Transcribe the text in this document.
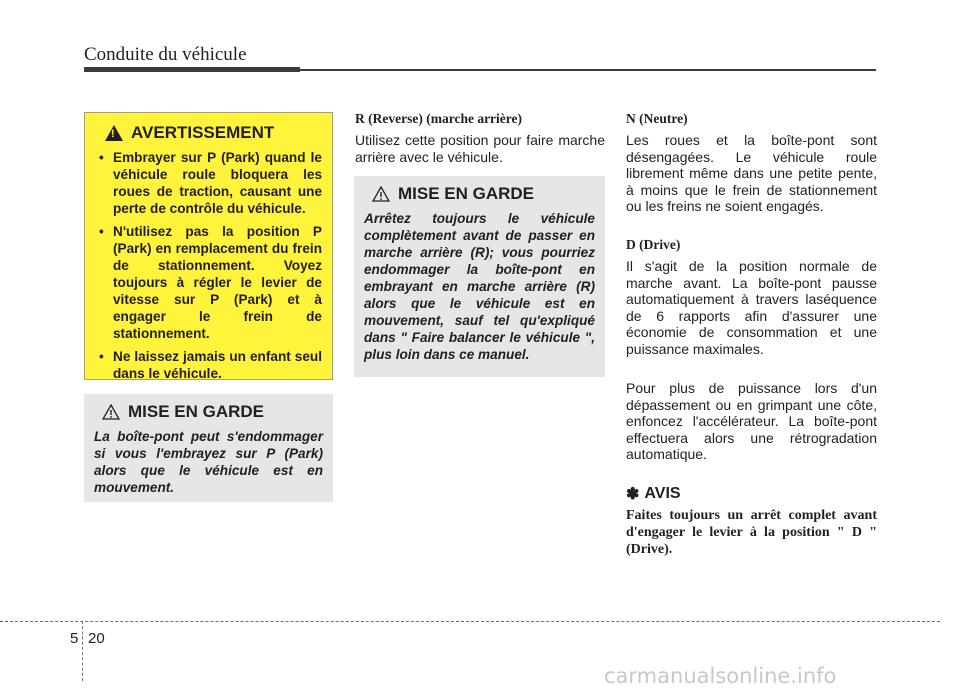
Conduite du véhicule
!
AVERTISSEMENT
• Embrayer sur P (Park) quand le véhicule roule bloquera les roues de traction, causant une perte de contrôle du véhicule.
• N'utilisez pas la position P (Park) en remplacement du frein de stationnement. Voyez toujours à régler le levier de vitesse sur P (Park) et à engager le frein de stationnement.
• Ne laissez jamais un enfant seul dans le véhicule.
MISE EN GARDE
La boîte-pont peut s'endommager si vous l'embrayez sur P (Park) alors que le véhicule est en mouvement.
R (Reverse) (marche arrière)
Utilisez cette position pour faire marche arrière avec le véhicule.
MISE EN GARDE
Arrêtez toujours le véhicule complètement avant de passer en marche arrière (R); vous pourriez endommager la boîte-pont en embrayant en marche arrière (R) alors que le véhicule est en mouvement, sauf tel qu'expliqué dans " Faire balancer le véhicule ", plus loin dans ce manuel.
N (Neutre)
Les roues et la boîte-pont sont désengagées. Le véhicule roule librement même dans une petite pente, à moins que le frein de stationnement ou les freins ne soient engagés.
D (Drive)
Il s'agit de la position normale de marche avant. La boîte-pont pausse automatiquement à travers laséquence de 6 rapports afin d'assurer une économie de consommation et une puissance maximales.
Pour plus de puissance lors d'un dépassement ou en grimpant une côte, enfoncez l'accélérateur. La boîte-pont effectuera alors une rétrogradation automatique.
✽ AVIS
Faites toujours un arrêt complet avant d'engager le levier à la position " D " (Drive).
5 20
carmanualsonline.info
